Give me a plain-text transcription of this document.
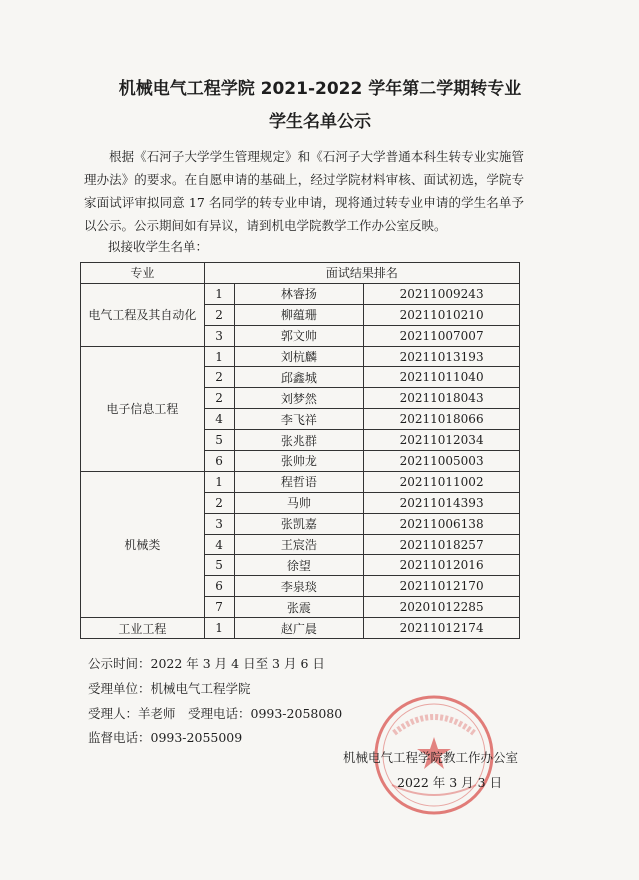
机械电气工程学院 2021-2022 学年第二学期转专业
学生名单公示

根据《石河子大学学生管理规定》和《石河子大学普通本科生转专业实施管理办法》的要求。在自愿申请的基础上，经过学院材料审核、面试初选，学院专家面试评审拟同意 17 名同学的转专业申请，现将通过转专业申请的学生名单予以公示。公示期间如有异议，请到机电学院教学工作办公室反映。

拟接收学生名单：
专业	面试结果排名		
电气工程及其自动化	1	林睿扬	20211009243
	2	柳蕴珊	20211010210
	3	郭文帅	20211007007
电子信息工程	1	刘杭麟	20211013193
	2	邱鑫城	20211011040
	2	刘梦然	20211018043
	4	李飞祥	20211018066
	5	张兆群	20211012034
	6	张帅龙	20211005003
机械类	1	程哲语	20211011002
	2	马帅	20211014393
	3	张凯嘉	20211006138
	4	王宸浩	20211018257
	5	徐望	20211012016
	6	李泉琰	20211012170
	7	张震	20201012285
工业工程	1	赵广晨	20211012174
公示时间：2022 年 3 月 4 日至 3 月 6 日
受理单位：机械电气工程学院
受理人：羊老师　受理电话：0993-2058080
监督电话：0993-2055009
机械电气工程学院教工作办公室
2022 年 3 月 3 日
